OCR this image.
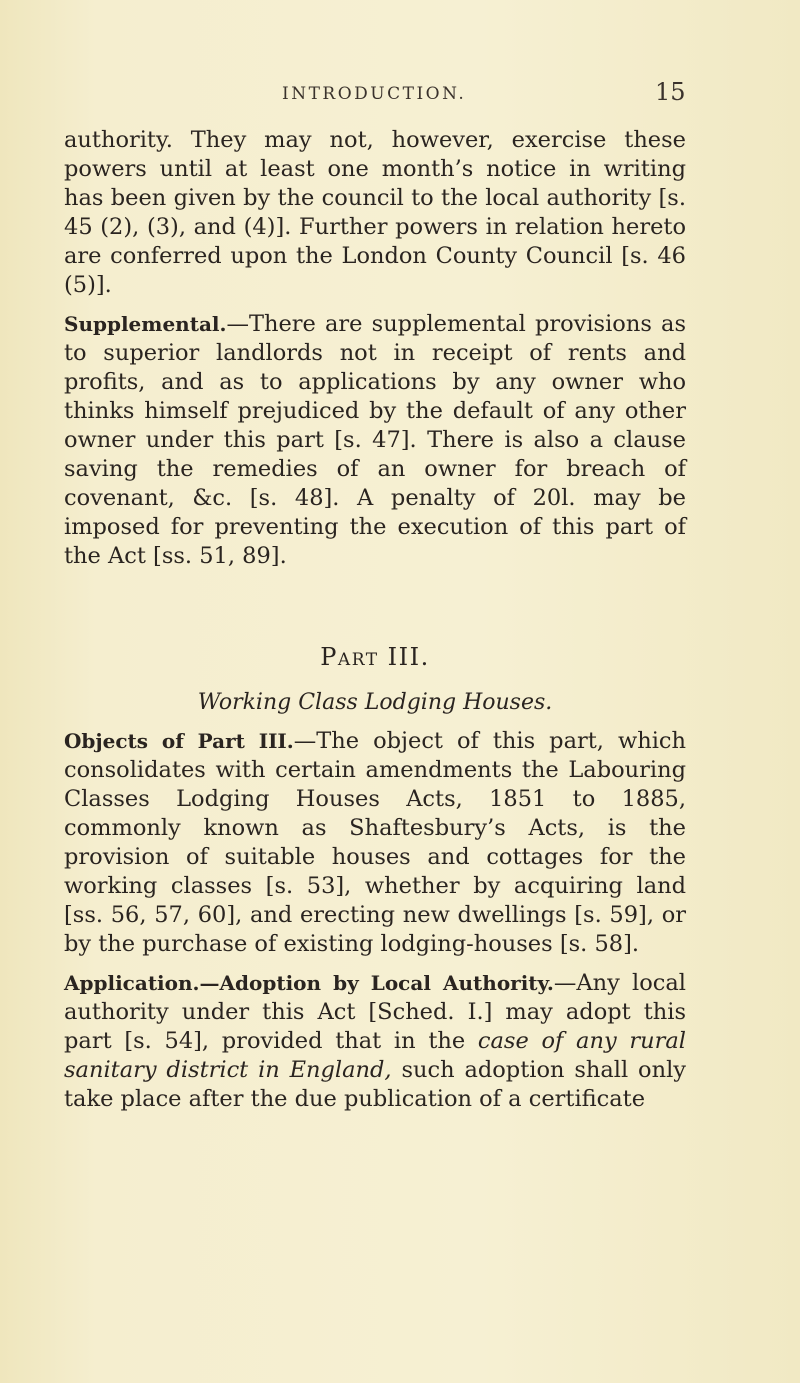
INTRODUCTION.	15

authority. They may not, however, exercise these powers until at least one month’s notice in writing has been given by the council to the local authority [s. 45 (2), (3), and (4)]. Further powers in relation hereto are conferred upon the London County Council [s. 46 (5)].

Supplemental.—There are supplemental provisions as to superior landlords not in receipt of rents and profits, and as to applications by any owner who thinks himself prejudiced by the default of any other owner under this part [s. 47]. There is also a clause saving the remedies of an owner for breach of covenant, &c. [s. 48]. A penalty of 20l. may be imposed for preventing the execution of this part of the Act [ss. 51, 89].

Part III.

Working Class Lodging Houses.

Objects of Part III.—The object of this part, which consolidates with certain amendments the Labouring Classes Lodging Houses Acts, 1851 to 1885, commonly known as Shaftesbury’s Acts, is the provision of suitable houses and cottages for the working classes [s. 53], whether by acquiring land [ss. 56, 57, 60], and erecting new dwellings [s. 59], or by the purchase of existing lodging-houses [s. 58].

Application.—Adoption by Local Authority.—Any local authority under this Act [Sched. I.] may adopt this part [s. 54], provided that in the case of any rural sanitary district in England, such adoption shall only take place after the due publication of a certificate
